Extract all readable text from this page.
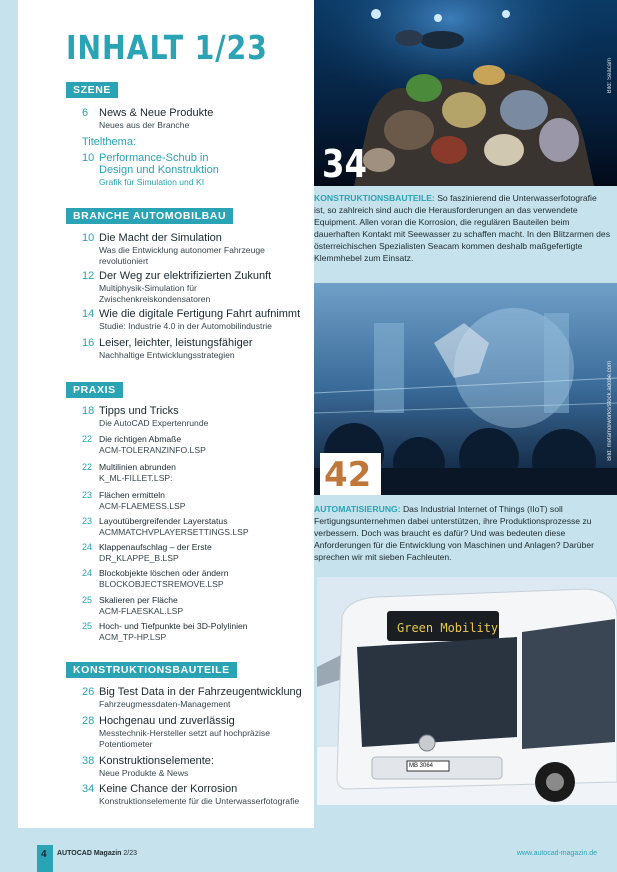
INHALT 1/23
SZENE
6 News & Neue Produkte
Neues aus der Branche
Titelthema:
10 Performance-Schub in
Design und Konstruktion
Grafik für Simulation und KI
BRANCHE AUTOMOBILBAU
10 Die Macht der Simulation
Was die Entwicklung autonomer Fahrzeuge revolutioniert
12 Der Weg zur elektrifizierten Zukunft
Multiphysik-Simulation für Zwischenkreiskondensatoren
14 Wie die digitale Fertigung Fahrt aufnimmt
Studie: Industrie 4.0 in der Automobilindustrie
16 Leiser, leichter, leistungsfähiger
Nachhaltige Entwicklungsstrategien
PRAXIS
18 Tipps und Tricks
Die AutoCAD Expertenrunde
22 Die richtigen Abmaße
ACM-TOLERANZINFO.LSP
22 Multilinien abrunden
K_ML-FILLET.LSP:
23 Flächen ermitteln
ACM-FLAEMESS.LSP
23 Layoutübergreifender Layerstatus
ACMMATCHVPLAYERSETTINGS.LSP
24 Klappenaufschlag – der Erste
DR_KLAPPE_B.LSP
24 Blockobjekte löschen oder ändern
BLOCKOBJECTSREMOVE.LSP
25 Skalieren per Fläche
ACM-FLAESKAL.LSP
25 Hoch- und Tiefpunkte bei 3D-Polylinien
ACM_TP-HP.LSP
KONSTRUKTIONSBAUTEILE
26 Big Test Data in der Fahrzeugentwicklung
Fahrzeugmessdaten-Management
28 Hochgenau und zuverlässig
Messtechnik-Hersteller setzt auf hochpräzise Potentiometer
38 Konstruktionselemente:
Neue Produkte & News
34 Keine Chance der Korrosion
Konstruktionselemente für die Unterwasserfotografie
34
Bild: Seacam
KONSTRUKTIONSBAUTEILE: So faszinierend die Unterwasserfotografie ist, so zahlreich sind auch die Herausforderungen an das verwendete Equipment. Allen voran die Korrosion, die regulären Bauteilen beim dauerhaften Kontakt mit Seewasser zu schaffen macht. In den Blitzarmen des österreichischen Spezialisten Seacam kommen deshalb maßgefertigte Klemmhebel zum Einsatz.
42
Bild: metamorworks/stock.adobe.com
AUTOMATISIERUNG: Das Industrial Internet of Things (IIoT) soll Fertigungsunternehmen dabei unterstützen, ihre Produktionsprozesse zu verbessern. Doch was braucht es dafür? Und was bedeuten diese Anforderungen für die Entwicklung von Maschinen und Anlagen? Darüber sprechen wir mit sieben Fachleuten.
Green Mobility
MB 3064
4	AUTOCAD Magazin 2/23	www.autocad-magazin.de
